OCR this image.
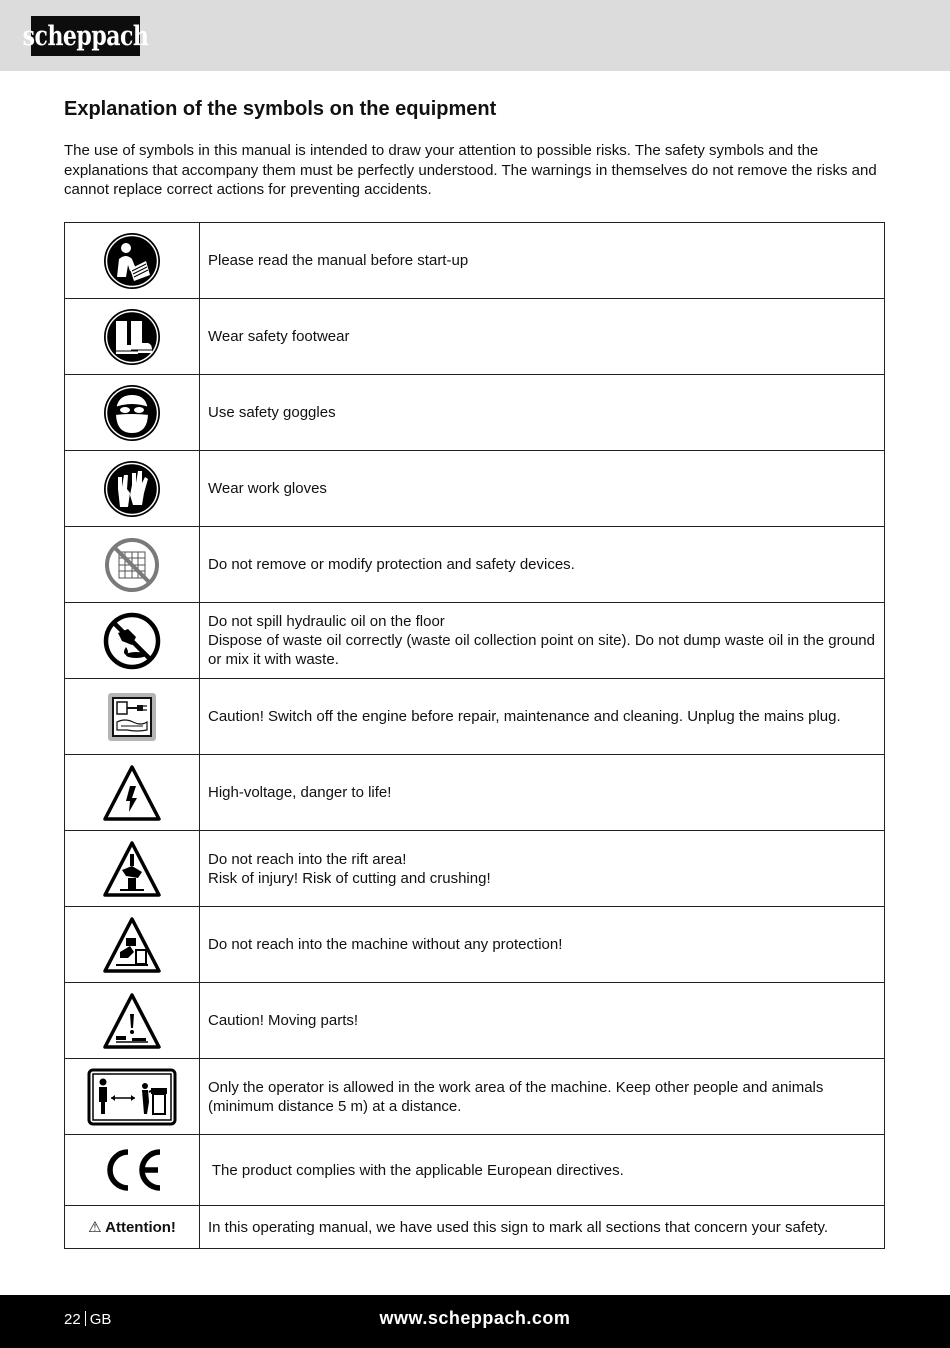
scheppach
Explanation of the symbols on the equipment

The use of symbols in this manual is intended to draw your attention to possible risks. The safety symbols and the explanations that accompany them must be perfectly understood. The warnings in themselves do not remove the risks and cannot replace correct actions for preventing accidents.

Please read the manual before start-up

Wear safety footwear

Use safety goggles

Wear work gloves

Do not remove or modify protection and safety devices.

Do not spill hydraulic oil on the floor
Dispose of waste oil correctly (waste oil collection point on site). Do not dump waste oil in the ground or mix it with waste.

Caution! Switch off the engine before repair, maintenance and cleaning. Unplug the mains plug.

High-voltage, danger to life!

Do not reach into the rift area!
Risk of injury! Risk of cutting and crushing!

Do not reach into the machine without any protection!

Caution! Moving parts!

Only the operator is allowed in the work area of the machine. Keep other people and animals (minimum distance 5 m) at a distance.

The product complies with the applicable European directives.

⚠ Attention!	In this operating manual, we have used this sign to mark all sections that concern your safety.
22 GB	www.scheppach.com
